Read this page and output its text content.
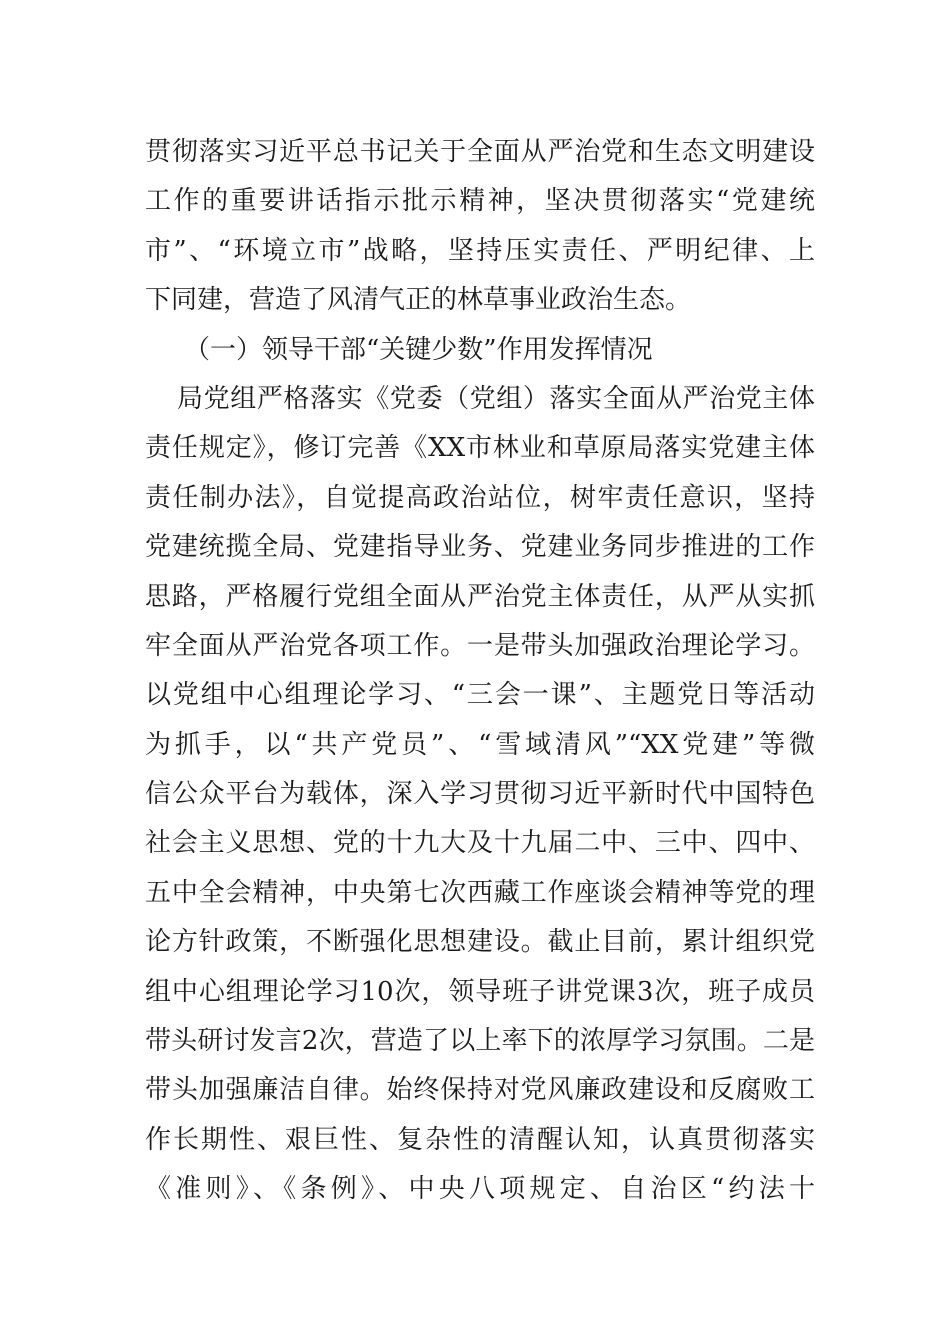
贯彻落实习近平总书记关于全面从严治党和生态文明建设
工作的重要讲话指示批示精神，坚决贯彻落实“党建统
市”、“环境立市”战略，坚持压实责任、严明纪律、上
下同建，营造了风清气正的林草事业政治生态。
（一）领导干部“关键少数”作用发挥情况
局党组严格落实《党委（党组）落实全面从严治党主体
责任规定》，修订完善《XX市林业和草原局落实党建主体
责任制办法》，自觉提高政治站位，树牢责任意识，坚持
党建统揽全局、党建指导业务、党建业务同步推进的工作
思路，严格履行党组全面从严治党主体责任，从严从实抓
牢全面从严治党各项工作。一是带头加强政治理论学习。
以党组中心组理论学习、“三会一课”、主题党日等活动
为抓手，以“共产党员”、“雪域清风”“XX党建”等微
信公众平台为载体，深入学习贯彻习近平新时代中国特色
社会主义思想、党的十九大及十九届二中、三中、四中、
五中全会精神，中央第七次西藏工作座谈会精神等党的理
论方针政策，不断强化思想建设。截止目前，累计组织党
组中心组理论学习10次，领导班子讲党课3次，班子成员
带头研讨发言2次，营造了以上率下的浓厚学习氛围。二是
带头加强廉洁自律。始终保持对党风廉政建设和反腐败工
作长期性、艰巨性、复杂性的清醒认知，认真贯彻落实
《准则》、《条例》、中央八项规定、自治区“约法十
